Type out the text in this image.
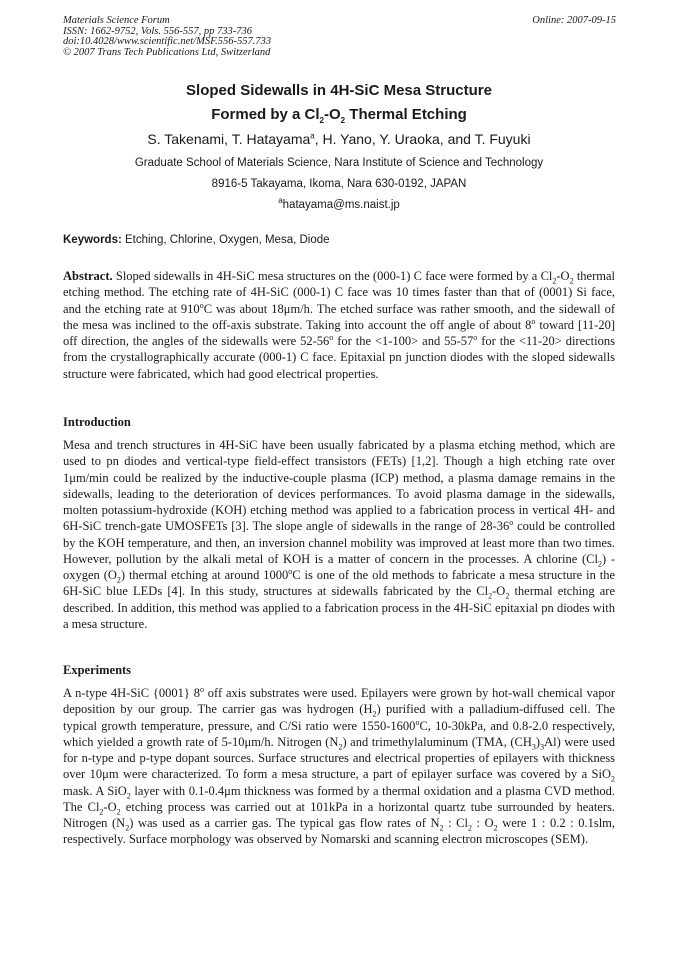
Materials Science Forum
ISSN: 1662-9752, Vols. 556-557, pp 733-736
doi:10.4028/www.scientific.net/MSF.556-557.733
© 2007 Trans Tech Publications Ltd, Switzerland
Online: 2007-09-15
Sloped Sidewalls in 4H-SiC Mesa Structure
Formed by a $Cl_2-O_2$ Thermal Etching
S. Takenami, T. Hatayama$^a$, H. Yano, Y. Uraoka, and T. Fuyuki
Graduate School of Materials Science, Nara Institute of Science and Technology
8916-5 Takayama, Ikoma, Nara 630-0192, JAPAN
$^a$hatayama@ms.naist.jp
Keywords: Etching, Chlorine, Oxygen, Mesa, Diode

Abstract. Sloped sidewalls in 4H-SiC mesa structures on the (000-1) C face were formed by a $Cl_2-O_2$ thermal etching method. The etching rate of 4H-SiC (000-1) C face was 10 times faster than that of (0001) Si face, and the etching rate at 910$^o$C was about 18μm/h. The etched surface was rather smooth, and the sidewall of the mesa was inclined to the off-axis substrate. Taking into account the off angle of about 8$^o$ toward [11-20] off direction, the angles of the sidewalls were 52-56$^o$ for the <1-100> and 55-57$^o$ for the <11-20> directions from the crystallographically accurate (000-1) C face. Epitaxial pn junction diodes with the sloped sidewalls structure were fabricated, which had good electrical properties.

Introduction

Mesa and trench structures in 4H-SiC have been usually fabricated by a plasma etching method, which are used to pn diodes and vertical-type field-effect transistors (FETs) [1,2]. Though a high etching rate over 1μm/min could be realized by the inductive-couple plasma (ICP) method, a plasma damage remains in the sidewalls, leading to the deterioration of devices performances. To avoid plasma damage in the sidewalls, molten potassium-hydroxide (KOH) etching method was applied to a fabrication process in vertical 4H- and 6H-SiC trench-gate UMOSFETs [3]. The slope angle of sidewalls in the range of 28-36$^o$ could be controlled by the KOH temperature, and then, an inversion channel mobility was improved at least more than two times. However, pollution by the alkali metal of KOH is a matter of concern in the processes. A chlorine $(Cl_2)$ - oxygen $(O_2)$ thermal etching at around 1000$^o$C is one of the old methods to fabricate a mesa structure in the 6H-SiC blue LEDs [4]. In this study, structures at sidewalls fabricated by the $Cl_2-O_2$ thermal etching are described. In addition, this method was applied to a fabrication process in the 4H-SiC epitaxial pn diodes with a mesa structure.

Experiments

A n-type 4H-SiC {0001} 8$^o$ off axis substrates were used. Epilayers were grown by hot-wall chemical vapor deposition by our group. The carrier gas was hydrogen $(H_2)$ purified with a palladium-diffused cell. The typical growth temperature, pressure, and C/Si ratio were 1550-1600$^o$C, 10-30kPa, and 0.8-2.0 respectively, which yielded a growth rate of 5-10μm/h. Nitrogen $(N_2)$ and trimethylaluminum (TMA, $(CH_3)_3Al$) were used for n-type and p-type dopant sources. Surface structures and electrical properties of epilayers with thickness over 10μm were characterized. To form a mesa structure, a part of epilayer surface was covered by a SiO$_2$ mask. A SiO$_2$ layer with 0.1-0.4μm thickness was formed by a thermal oxidation and a plasma CVD method. The $Cl_2-O_2$ etching process was carried out at 101kPa in a horizontal quartz tube surrounded by heaters. Nitrogen $(N_2)$ was used as a carrier gas. The typical gas flow rates of $N_2$ : $Cl_2$ : $O_2$ were 1 : 0.2 : 0.1slm, respectively. Surface morphology was observed by Nomarski and scanning electron microscopes (SEM).
